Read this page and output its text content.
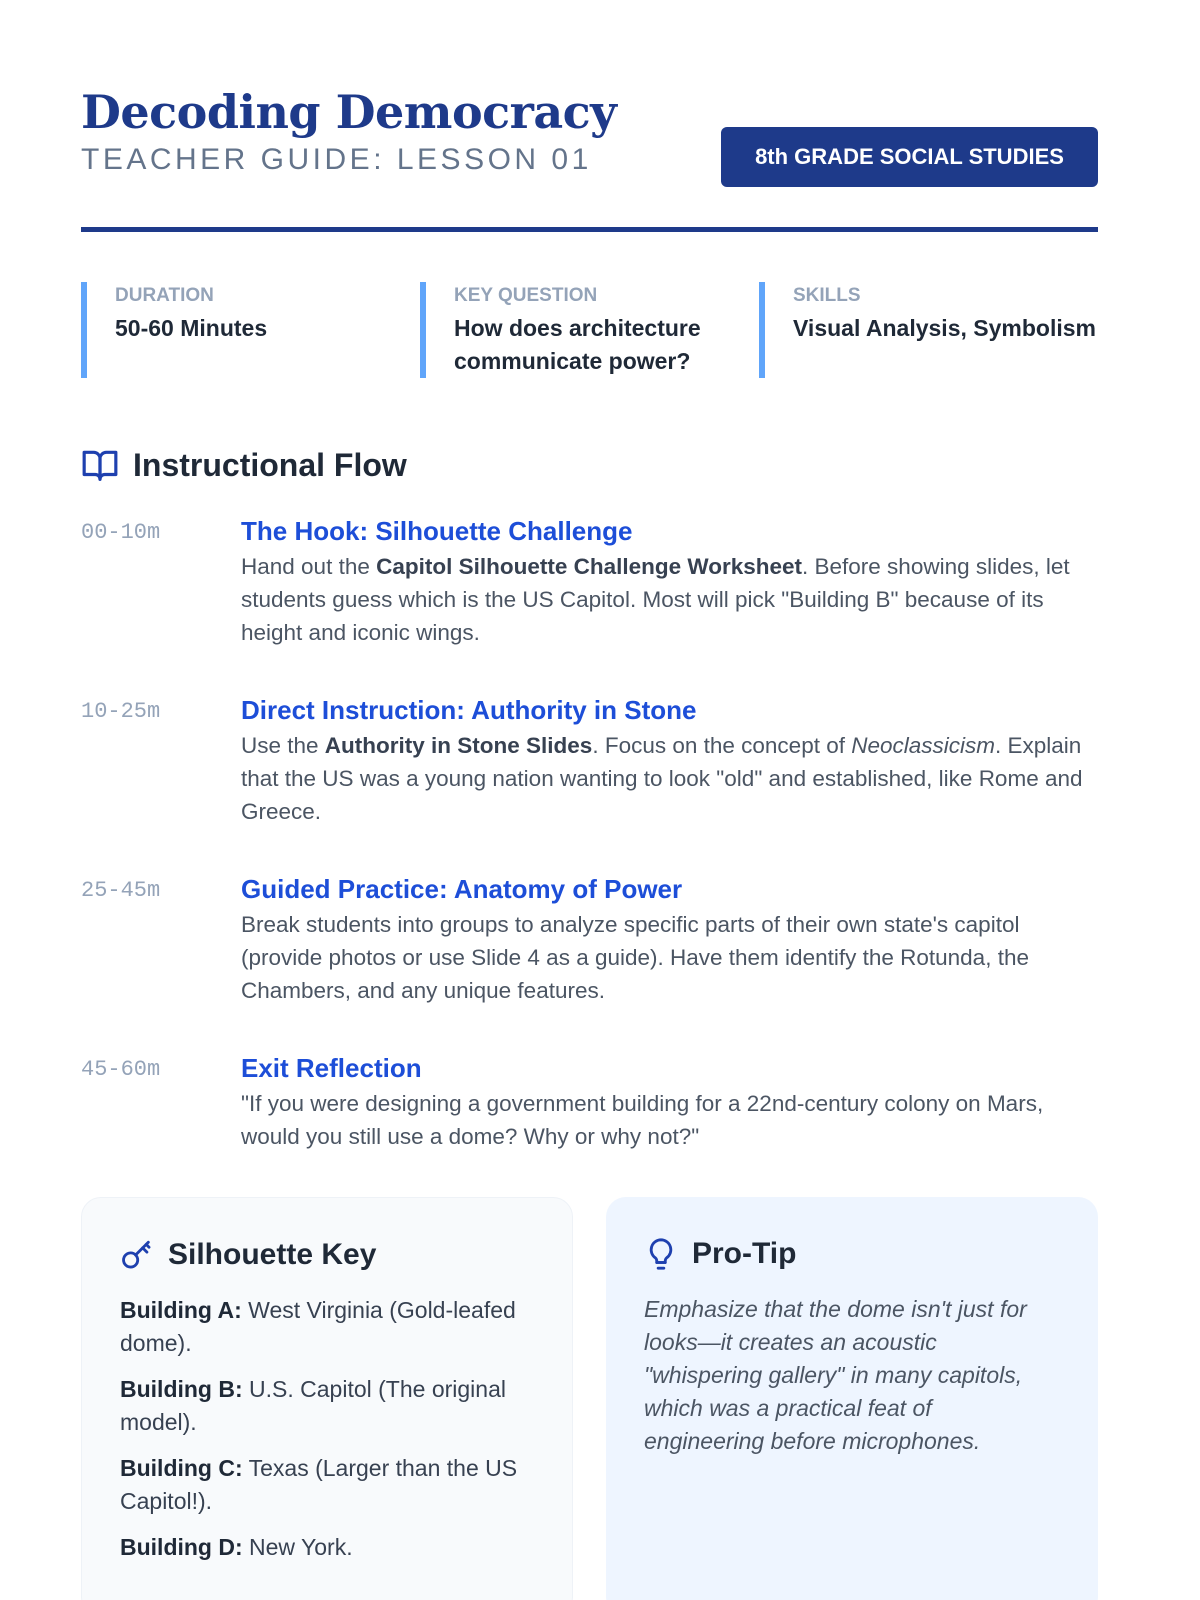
Decoding Democracy
TEACHER GUIDE: LESSON 01	8th GRADE SOCIAL STUDIES
DURATION
50-60 Minutes
KEY QUESTION
How does architecture communicate power?
SKILLS
Visual Analysis, Symbolism
Instructional Flow
00-10m	The Hook: Silhouette Challenge

Hand out the Capitol Silhouette Challenge Worksheet. Before showing slides, let students guess which is the US Capitol. Most will pick "Building B" because of its height and iconic wings.

10-25m	Direct Instruction: Authority in Stone

Use the Authority in Stone Slides. Focus on the concept of Neoclassicism. Explain that the US was a young nation wanting to look "old" and established, like Rome and Greece.

25-45m	Guided Practice: Anatomy of Power

Break students into groups to analyze specific parts of their own state's capitol (provide photos or use Slide 4 as a guide). Have them identify the Rotunda, the Chambers, and any unique features.

45-60m	Exit Reflection

"If you were designing a government building for a 22nd-century colony on Mars, would you still use a dome? Why or why not?"

Silhouette Key

Building A: West Virginia (Gold-leafed dome).

Building B: U.S. Capitol (The original model).

Building C: Texas (Larger than the US Capitol!).

Building D: New York.

Pro-Tip

Emphasize that the dome isn't just for looks—it creates an acoustic "whispering gallery" in many capitols, which was a practical feat of engineering before microphones.
